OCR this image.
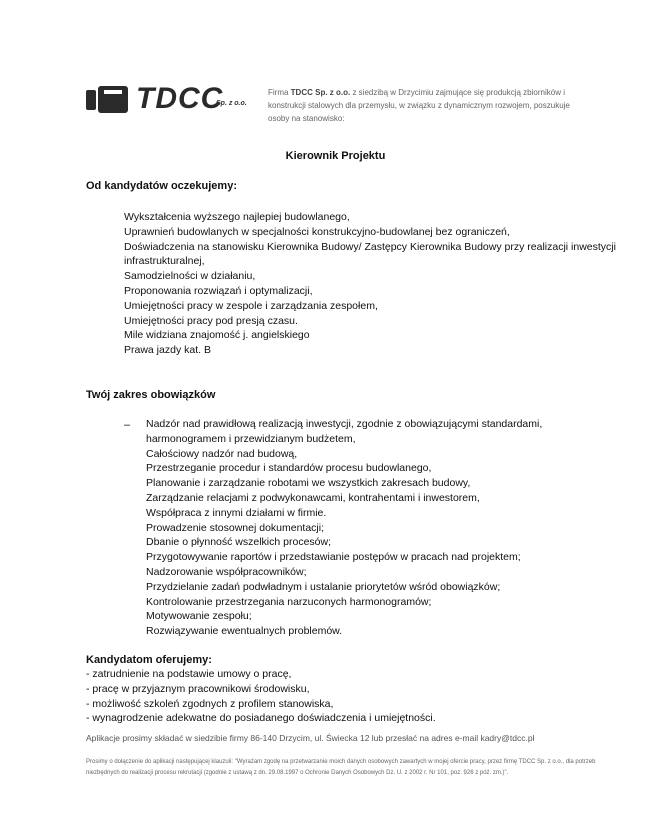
TDCC
Sp. z o.o.
Firma TDCC Sp. z o.o. z siedzibą w Drzycimiu zajmujące się produkcją zbiorników i konstrukcji stalowych dla przemysłu, w związku z dynamicznym rozwojem, poszukuje osoby na stanowisko:
Kierownik Projektu
Od kandydatów oczekujemy:
Wykształcenia wyższego najlepiej budowlanego,
Uprawnień budowlanych w specjalności konstrukcyjno-budowlanej bez ograniczeń,
Doświadczenia na stanowisku Kierownika Budowy/ Zastępcy Kierownika Budowy przy realizacji inwestycji
infrastrukturalnej,
Samodzielności w działaniu,
Proponowania rozwiązań i optymalizacji,
Umiejętności pracy w zespole i zarządzania zespołem,
Umiejętności pracy pod presją czasu.
Mile widziana znajomość j. angielskiego
Prawa jazdy kat. B
Twój zakres obowiązków
– Nadzór nad prawidłową realizacją inwestycji, zgodnie z obowiązującymi standardami,
harmonogramem i przewidzianym budżetem,
Całościowy nadzór nad budową,
Przestrzeganie procedur i standardów procesu budowlanego,
Planowanie i zarządzanie robotami we wszystkich zakresach budowy,
Zarządzanie relacjami z podwykonawcami, kontrahentami i inwestorem,
Współpraca z innymi działami w firmie.
Prowadzenie stosownej dokumentacji;
Dbanie o płynność wszelkich procesów;
Przygotowywanie raportów i przedstawianie postępów w pracach nad projektem;
Nadzorowanie współpracowników;
Przydzielanie zadań podwładnym i ustalanie priorytetów wśród obowiązków;
Kontrolowanie przestrzegania narzuconych harmonogramów;
Motywowanie zespołu;
Rozwiązywanie ewentualnych problemów.
Kandydatom oferujemy:
- zatrudnienie na podstawie umowy o pracę,
- pracę w przyjaznym pracownikowi środowisku,
- możliwość szkoleń zgodnych z profilem stanowiska,
- wynagrodzenie adekwatne do posiadanego doświadczenia i umiejętności.
Aplikacje prosimy składać w siedzibie firmy 86-140 Drzycim, ul. Świecka 12 lub przesłać na adres e-mail kadry@tdcc.pl
Prosimy o dołączenie do aplikacji następującej klauzuli: "Wyrażam zgodę na przetwarzanie moich danych osobowych zawartych w mojej ofercie pracy, przez firmę TDCC Sp. z o.o., dla potrzeb niezbędnych do realizacji procesu rekrutacji (zgodnie z ustawą z dn. 29.08.1997 o Ochronie Danych Osobowych Dz. U. z 2002 r. Nr 101, poz. 926 z póź. zm.)".
